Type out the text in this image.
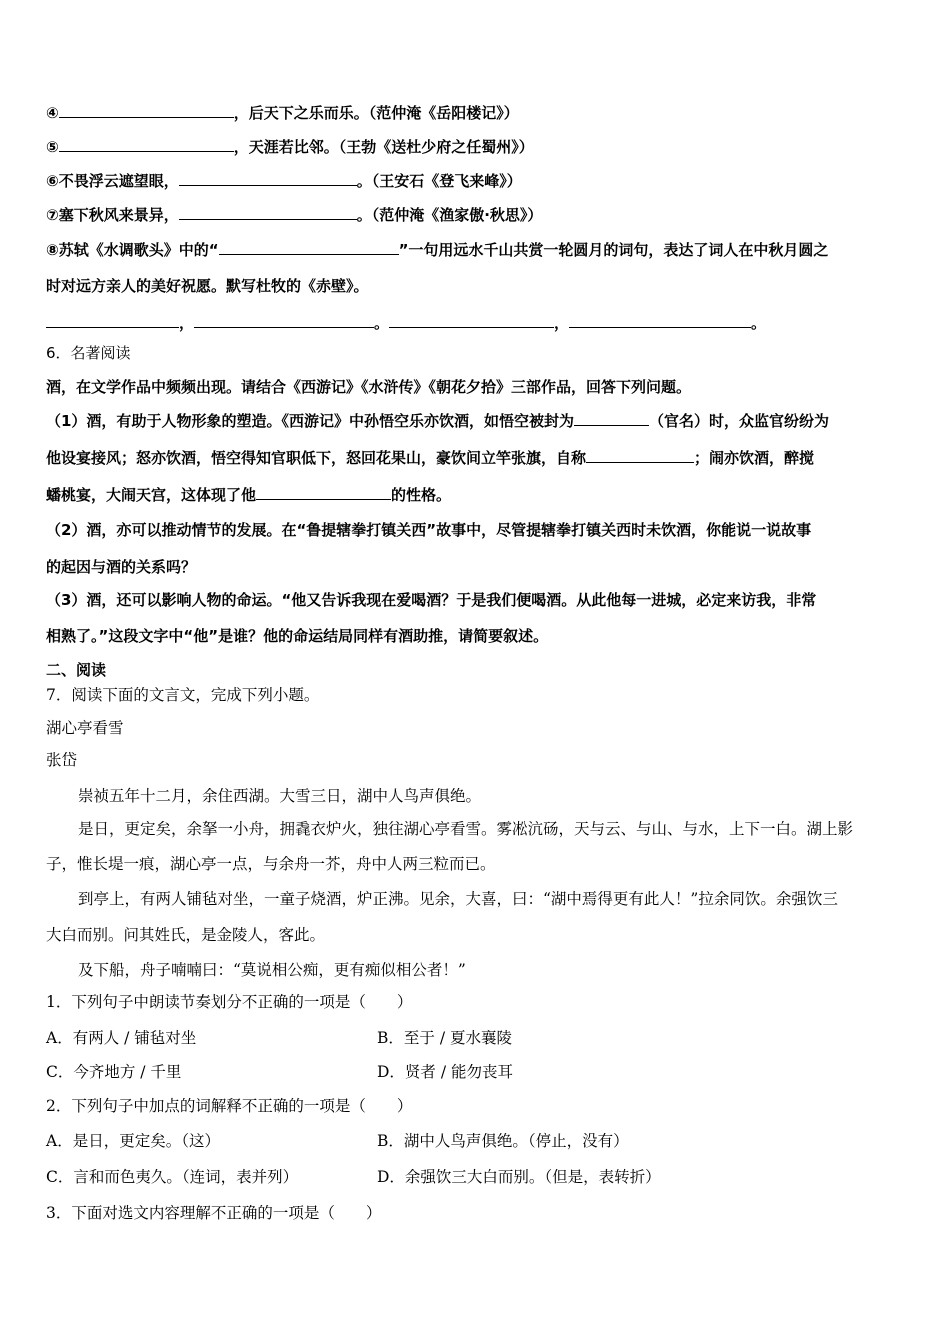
④	，后天下之乐而乐。（范仲淹《岳阳楼记》）
⑤	，天涯若比邻。（王勃《送杜少府之任蜀州》）
⑥不畏浮云遮望眼，	。（王安石《登飞来峰》）
⑦塞下秋风来景异，	。（范仲淹《渔家傲·秋思》）
⑧苏轼《水调歌头》中的“	”一句用远水千山共赏一轮圆月的词句，表达了词人在中秋月圆之
时对远方亲人的美好祝愿。默写杜牧的《赤壁》。
，	。	，	。
6．名著阅读
酒，在文学作品中频频出现。请结合《西游记》《水浒传》《朝花夕拾》三部作品，回答下列问题。
（1）酒，有助于人物形象的塑造。《西游记》中孙悟空乐亦饮酒，如悟空被封为	（官名）时，众监官纷纷为
他设宴接风；怒亦饮酒，悟空得知官职低下，怒回花果山，豪饮间立竿张旗，自称	；闹亦饮酒，醉搅
蟠桃宴，大闹天宫，这体现了他	的性格。
（2）酒，亦可以推动情节的发展。在“鲁提辖拳打镇关西”故事中，尽管提辖拳打镇关西时未饮酒，你能说一说故事
的起因与酒的关系吗？
（3）酒，还可以影响人物的命运。“他又告诉我现在爱喝酒？于是我们便喝酒。从此他每一进城，必定来访我，非常
相熟了。”这段文字中“他”是谁？他的命运结局同样有酒助推，请简要叙述。
二、阅读
7．阅读下面的文言文，完成下列小题。
湖心亭看雪
张岱
崇祯五年十二月，余住西湖。大雪三日，湖中人鸟声俱绝。
是日，更定矣，余拏一小舟，拥毳衣炉火，独往湖心亭看雪。雾凇沆砀，天与云、与山、与水，上下一白。湖上影
子，惟长堤一痕，湖心亭一点，与余舟一芥，舟中人两三粒而已。
到亭上，有两人铺毡对坐，一童子烧酒，炉正沸。见余，大喜，曰：“湖中焉得更有此人！”拉余同饮。余强饮三
大白而别。问其姓氏，是金陵人，客此。
及下船，舟子喃喃曰：“莫说相公痴，更有痴似相公者！”
1．下列句子中朗读节奏划分不正确的一项是（　　）
A．有两人 / 铺毡对坐	B．至于 / 夏水襄陵
C．今齐地方 / 千里	D．贤者 / 能勿丧耳
2．下列句子中加点的词解释不正确的一项是（　　）
A．是日，更定矣。（这）	B．湖中人鸟声俱绝。（停止，没有）
C．言和而色夷久。（连词，表并列）	D．余强饮三大白而别。（但是，表转折）
3．下面对选文内容理解不正确的一项是（　　）
